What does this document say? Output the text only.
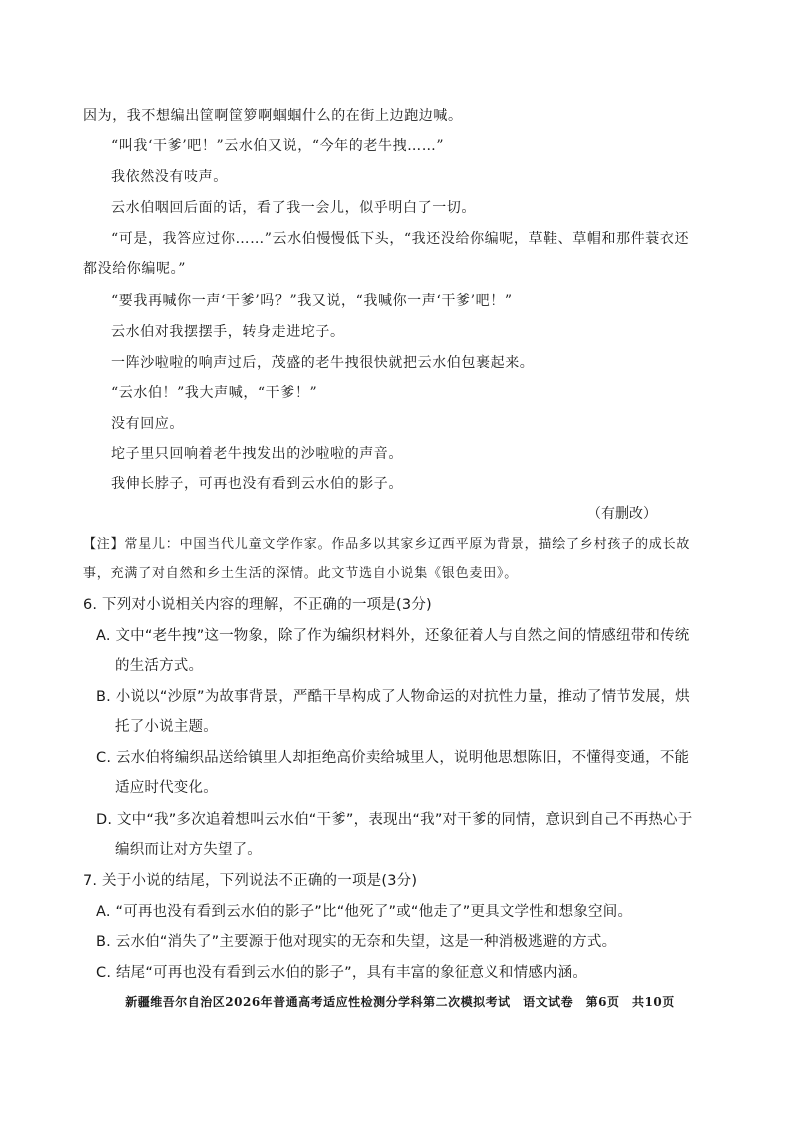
因为，我不想编出筐啊筐箩啊蝈蝈什么的在街上边跑边喊。
“叫我‘干爹’吧！”云水伯又说，“今年的老牛拽……”
我依然没有吱声。
云水伯咽回后面的话，看了我一会儿，似乎明白了一切。
“可是，我答应过你……”云水伯慢慢低下头，“我还没给你编呢，草鞋、草帽和那件蓑衣还
都没给你编呢。”
“要我再喊你一声‘干爹’吗？”我又说，“我喊你一声‘干爹’吧！”
云水伯对我摆摆手，转身走进坨子。
一阵沙啦啦的响声过后，茂盛的老牛拽很快就把云水伯包裹起来。
“云水伯！”我大声喊，“干爹！”
没有回应。
坨子里只回响着老牛拽发出的沙啦啦的声音。
我伸长脖子，可再也没有看到云水伯的影子。
（有删改）
【注】常星儿：中国当代儿童文学作家。作品多以其家乡辽西平原为背景，描绘了乡村孩子的成长故
事，充满了对自然和乡土生活的深情。此文节选自小说集《银色麦田》。
6. 下列对小说相关内容的理解，不正确的一项是(3分)
A. 文中“老牛拽”这一物象，除了作为编织材料外，还象征着人与自然之间的情感纽带和传统
的生活方式。
B. 小说以“沙原”为故事背景，严酷干旱构成了人物命运的对抗性力量，推动了情节发展，烘
托了小说主题。
C. 云水伯将编织品送给镇里人却拒绝高价卖给城里人，说明他思想陈旧，不懂得变通，不能
适应时代变化。
D. 文中“我”多次追着想叫云水伯“干爹”，表现出“我”对干爹的同情，意识到自己不再热心于
编织而让对方失望了。
7. 关于小说的结尾，下列说法不正确的一项是(3分)
A. “可再也没有看到云水伯的影子”比“他死了”或“他走了”更具文学性和想象空间。
B. 云水伯“消失了”主要源于他对现实的无奈和失望，这是一种消极逃避的方式。
C. 结尾“可再也没有看到云水伯的影子”，具有丰富的象征意义和情感内涵。
新疆维吾尔自治区2026年普通高考适应性检测分学科第二次模拟考试　语文试卷　第6页　共10页
